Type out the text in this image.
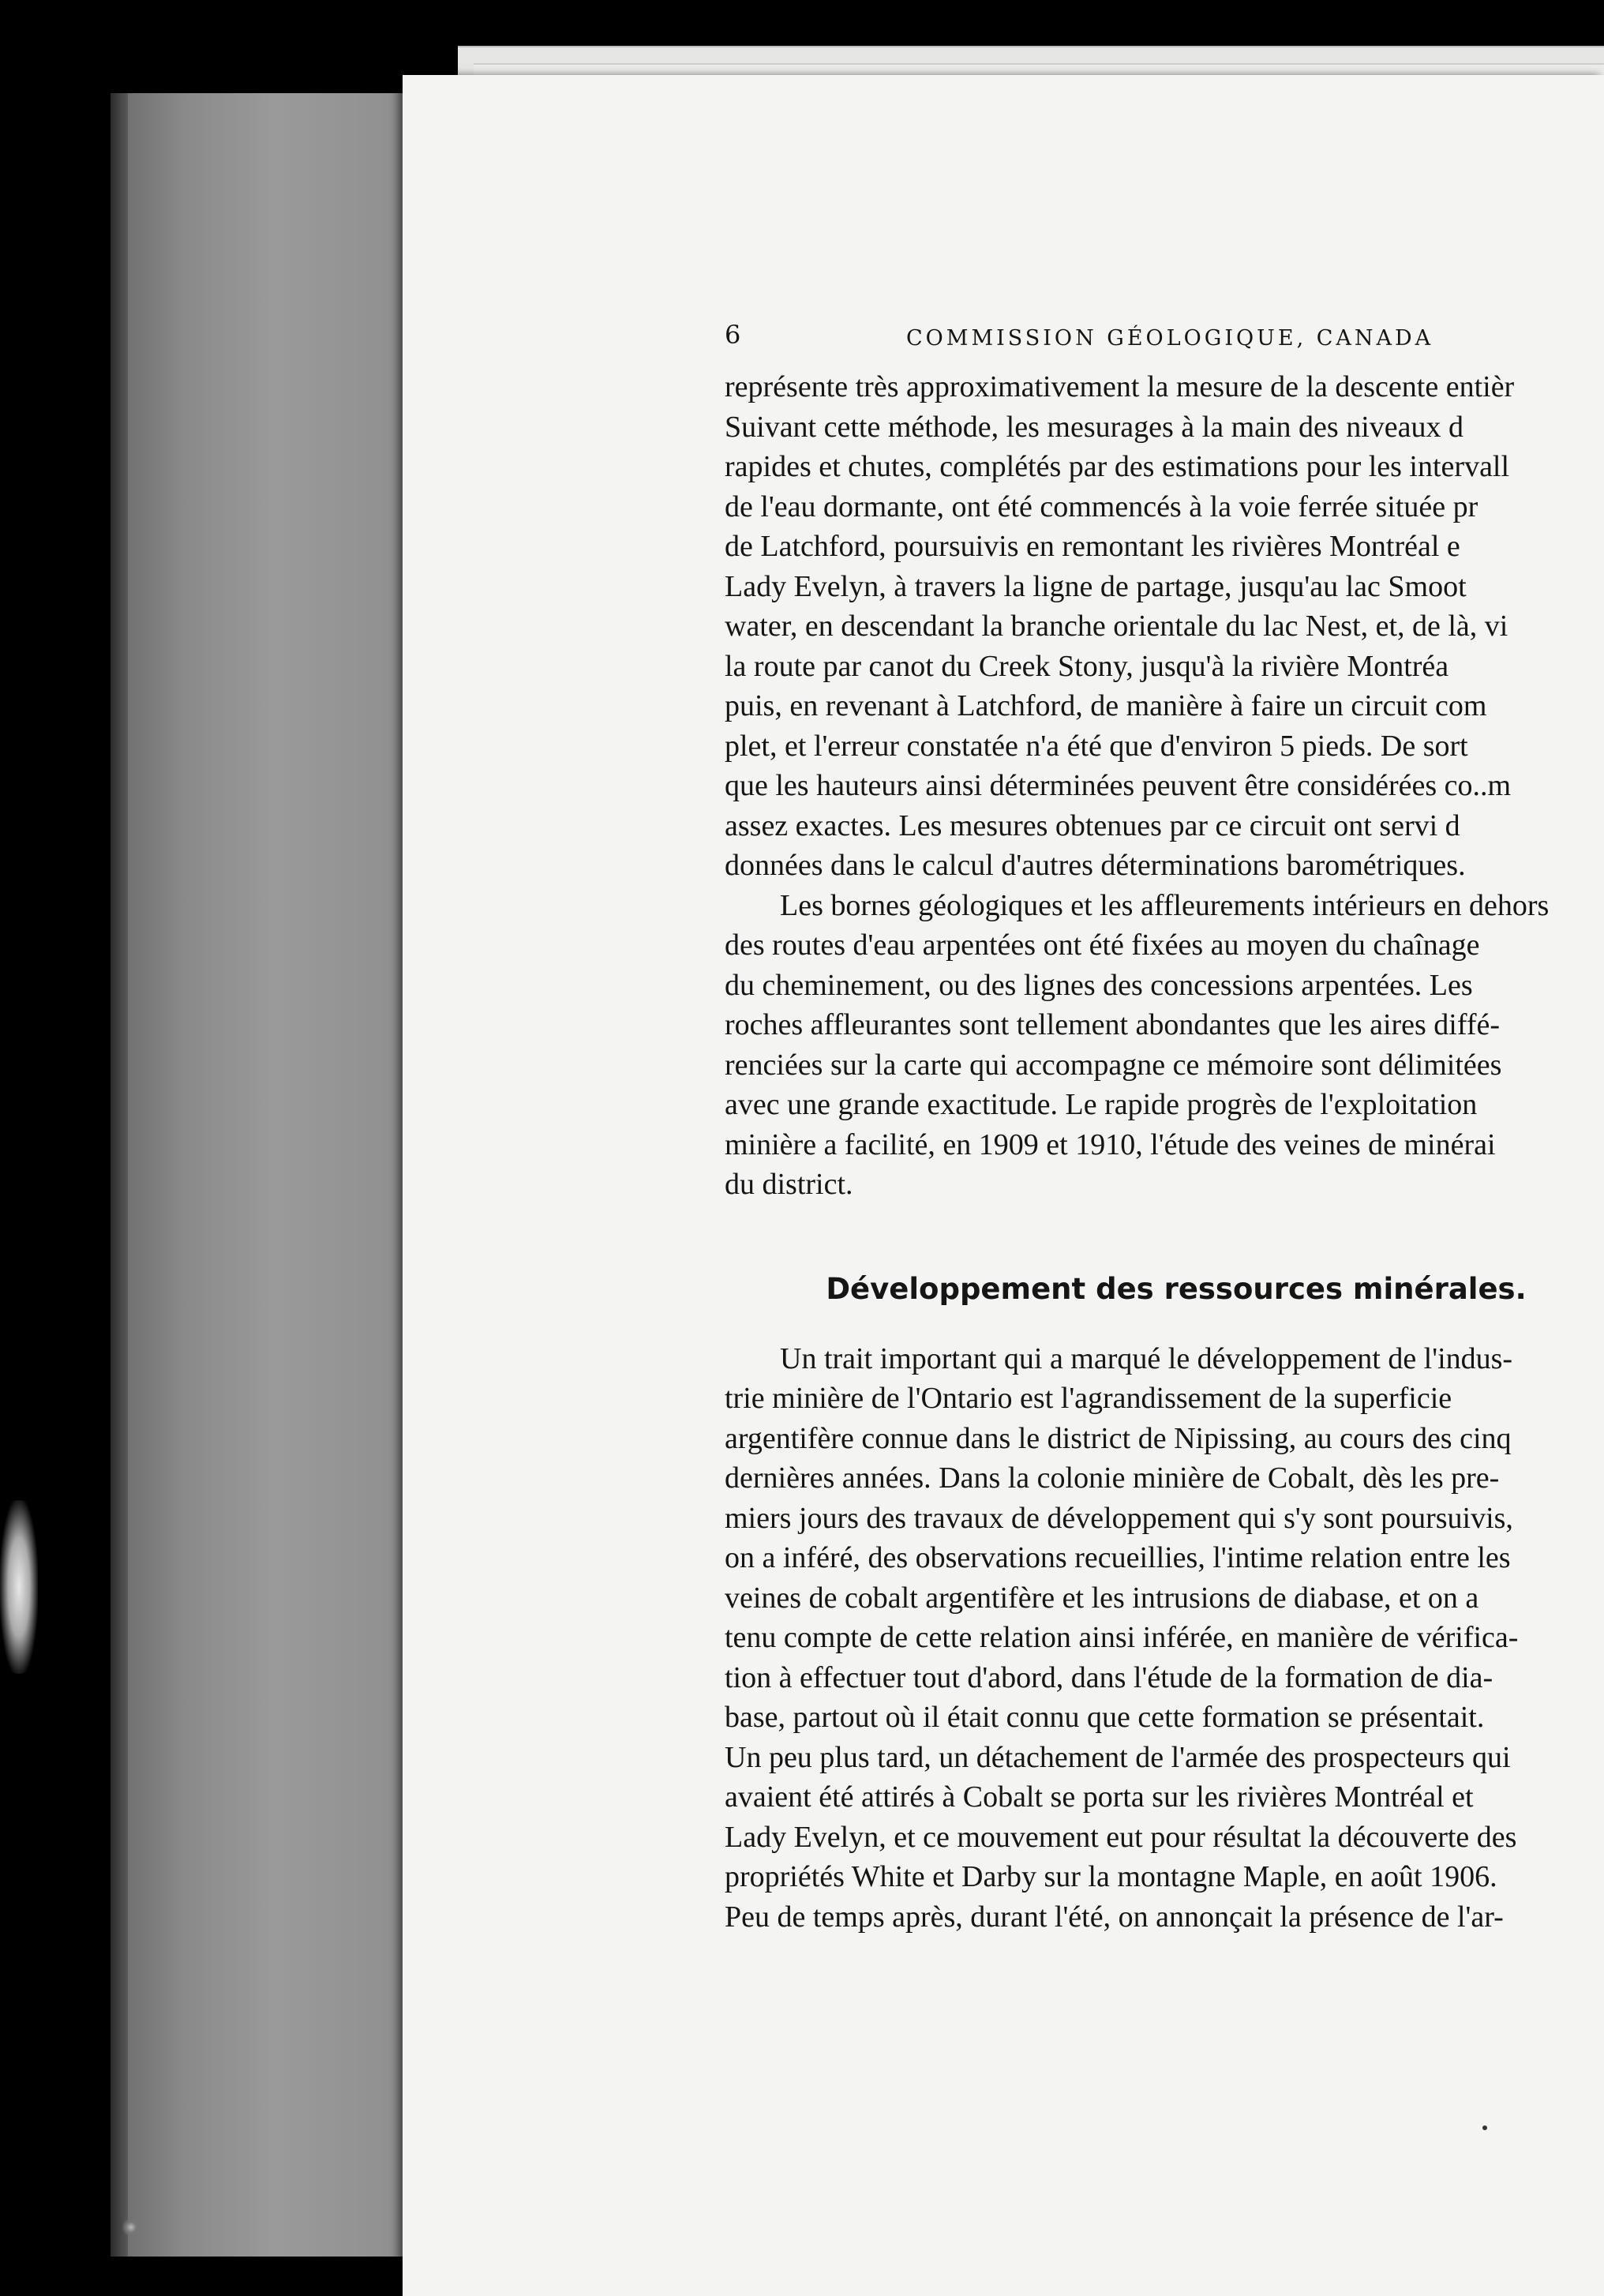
6	COMMISSION GÉOLOGIQUE, CANADA
représente très approximativement la mesure de la descente entièr
Suivant cette méthode, les mesurages à la main des niveaux d
rapides et chutes, complétés par des estimations pour les intervall
de l'eau dormante, ont été commencés à la voie ferrée située pr
de Latchford, poursuivis en remontant les rivières Montréal e
Lady Evelyn, à travers la ligne de partage, jusqu'au lac Smoot
water, en descendant la branche orientale du lac Nest, et, de là, vi
la route par canot du Creek Stony, jusqu'à la rivière Montréa
puis, en revenant à Latchford, de manière à faire un circuit com
plet, et l'erreur constatée n'a été que d'environ 5 pieds. De sort
que les hauteurs ainsi déterminées peuvent être considérées co..m
assez exactes. Les mesures obtenues par ce circuit ont servi d
données dans le calcul d'autres déterminations barométriques.
Les bornes géologiques et les affleurements intérieurs en dehors
des routes d'eau arpentées ont été fixées au moyen du chaînage
du cheminement, ou des lignes des concessions arpentées. Les
roches affleurantes sont tellement abondantes que les aires diffé-
renciées sur la carte qui accompagne ce mémoire sont délimitées
avec une grande exactitude. Le rapide progrès de l'exploitation
minière a facilité, en 1909 et 1910, l'étude des veines de minérai
du district.
Développement des ressources minérales.
Un trait important qui a marqué le développement de l'indus-
trie minière de l'Ontario est l'agrandissement de la superficie
argentifère connue dans le district de Nipissing, au cours des cinq
dernières années. Dans la colonie minière de Cobalt, dès les pre-
miers jours des travaux de développement qui s'y sont poursuivis,
on a inféré, des observations recueillies, l'intime relation entre les
veines de cobalt argentifère et les intrusions de diabase, et on a
tenu compte de cette relation ainsi inférée, en manière de vérifica-
tion à effectuer tout d'abord, dans l'étude de la formation de dia-
base, partout où il était connu que cette formation se présentait.
Un peu plus tard, un détachement de l'armée des prospecteurs qui
avaient été attirés à Cobalt se porta sur les rivières Montréal et
Lady Evelyn, et ce mouvement eut pour résultat la découverte des
propriétés White et Darby sur la montagne Maple, en août 1906.
Peu de temps après, durant l'été, on annonçait la présence de l'ar-
